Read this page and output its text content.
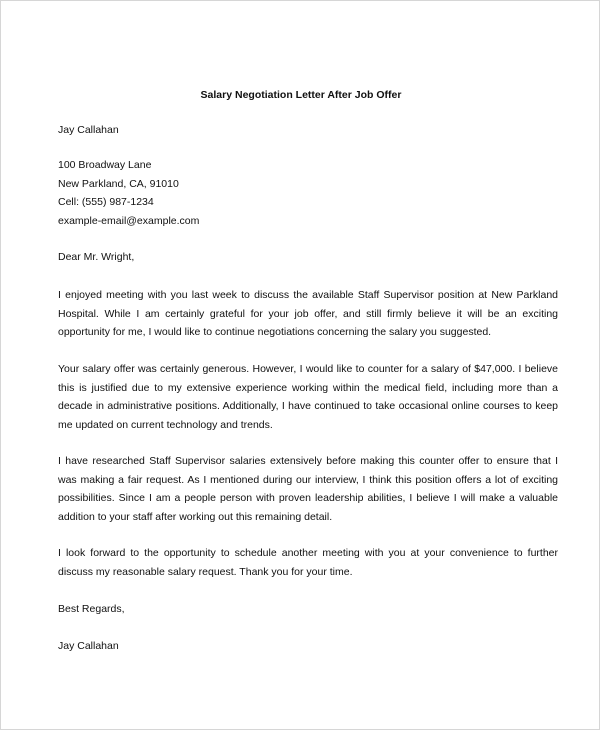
Salary Negotiation Letter After Job Offer

Jay Callahan

100 Broadway Lane

New Parkland, CA, 91010

Cell: (555) 987-1234

example-email@example.com

Dear Mr. Wright,

I enjoyed meeting with you last week to discuss the available Staff Supervisor position at New Parkland Hospital. While I am certainly grateful for your job offer, and still firmly believe it will be an exciting opportunity for me, I would like to continue negotiations concerning the salary you suggested.

Your salary offer was certainly generous. However, I would like to counter for a salary of $47,000. I believe this is justified due to my extensive experience working within the medical field, including more than a decade in administrative positions. Additionally, I have continued to take occasional online courses to keep me updated on current technology and trends.

I have researched Staff Supervisor salaries extensively before making this counter offer to ensure that I was making a fair request. As I mentioned during our interview, I think this position offers a lot of exciting possibilities. Since I am a people person with proven leadership abilities, I believe I will make a valuable addition to your staff after working out this remaining detail.

I look forward to the opportunity to schedule another meeting with you at your convenience to further discuss my reasonable salary request. Thank you for your time.

Best Regards,

Jay Callahan
